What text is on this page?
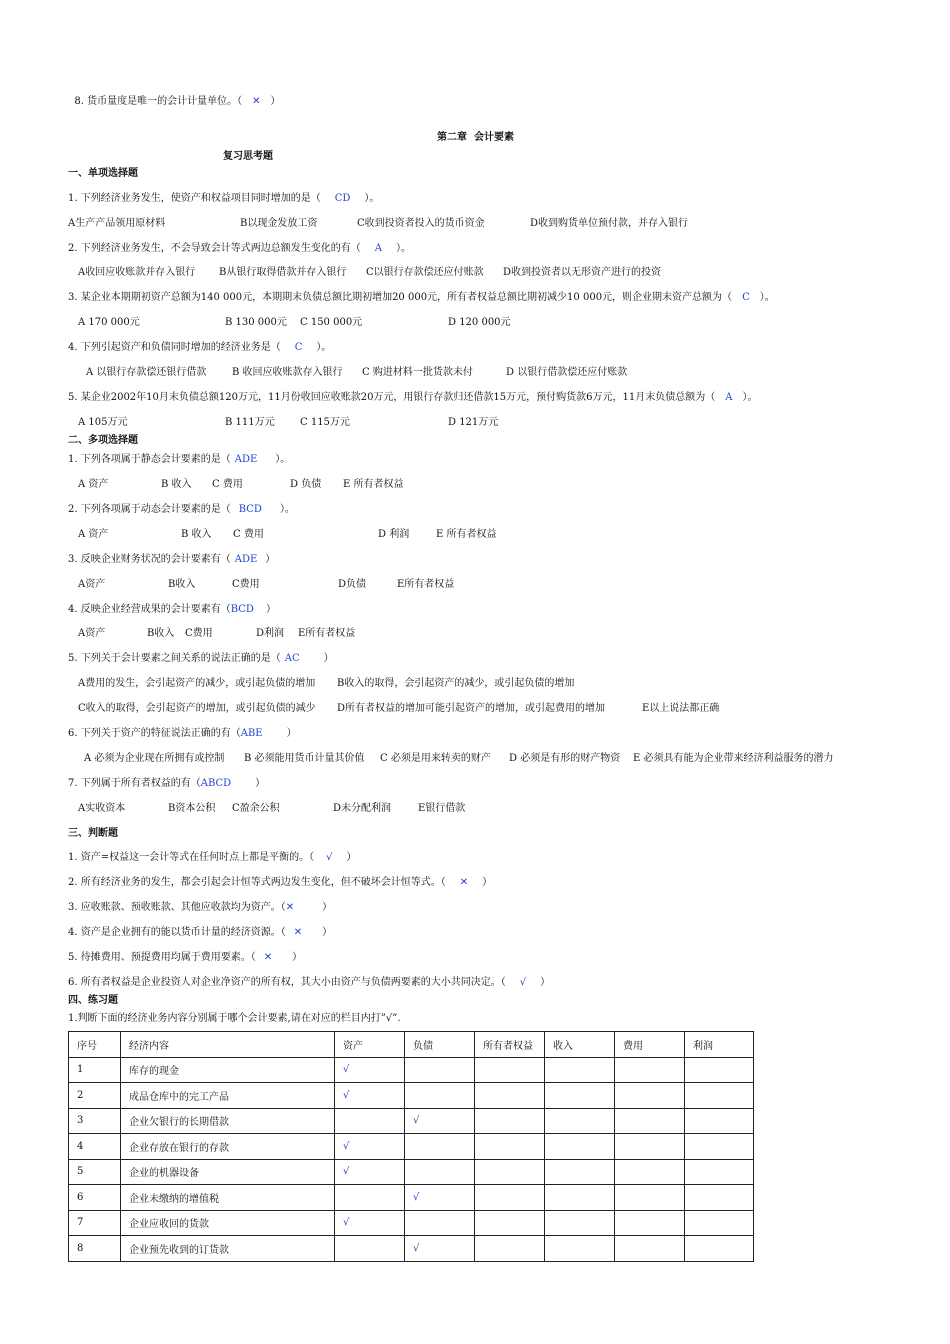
8. 货币量度是唯一的会计计量单位。（ ✕ ）

第二章  会计要素
复习思考题
一、单项选择题
1. 下列经济业务发生，使资产和权益项目同时增加的是（ CD ）。
A生产产品领用原材料	B以现金发放工资	C收到投资者投入的货币资金	D收到购货单位预付款，并存入银行
2. 下列经济业务发生，不会导致会计等式两边总额发生变化的有（ A ）。
A收回应收账款并存入银行 B从银行取得借款并存入银行 C以银行存款偿还应付账款 D收到投资者以无形资产进行的投资
3. 某企业本期期初资产总额为140 000元，本期期末负债总额比期初增加20 000元，所有者权益总额比期初减少10 000元，则企业期末资产总额为（ C ）。
A 170 000元	B 130 000元 C 150 000元	D 120 000元
4. 下列引起资产和负债同时增加的经济业务是（ C ）。
A 以银行存款偿还银行借款	B 收回应收账款存入银行 C 购进材料一批货款未付	D 以银行借款偿还应付账款
5. 某企业2002年10月末负债总额120万元，11月份收回应收账款20万元，用银行存款归还借款15万元，预付购货款6万元，11月末负债总额为（ A ）。
A 105万元	B 111万元	C 115万元	D 121万元
二、多项选择题
1. 下列各项属于静态会计要素的是（ ADE ）。
A 资产	B 收入 C 费用	D 负债 E 所有者权益
2. 下列各项属于动态会计要素的是（ BCD ）。
A 资产	B 收入 C 费用	D 利润	E 所有者权益
3. 反映企业财务状况的会计要素有（ ADE ）
A资产	B收入	C费用	D负债	E所有者权益
4. 反映企业经营成果的会计要素有（BCD ）
A资产	B收入 C费用	D利润 E所有者权益
5. 下列关于会计要素之间关系的说法正确的是（ AC ）
A费用的发生，会引起资产的减少，或引起负债的增加 B收入的取得，会引起资产的减少，或引起负债的增加
C收入的取得，会引起资产的增加，或引起负债的减少 D所有者权益的增加可能引起资产的增加，或引起费用的增加	E以上说法都正确
6. 下列关于资产的特征说法正确的有（ABE ）
A 必须为企业现在所拥有或控制 B 必须能用货币计量其价值 C 必须是用来转卖的财产 D 必须是有形的财产物资 E 必须具有能为企业带来经济利益服务的潜力
7. 下列属于所有者权益的有（ABCD ）
A实收资本	B资本公积 C盈余公积	D未分配利润	E银行借款
三、判断题
1. 资产=权益这一会计等式在任何时点上都是平衡的。（ √ ）
2. 所有经济业务的发生，都会引起会计恒等式两边发生变化，但不破坏会计恒等式。（ ✕ ）
3. 应收账款、预收账款、其他应收款均为资产。（✕	）
4. 资产是企业拥有的能以货币计量的经济资源。（ ✕ ）
5. 待摊费用、预提费用均属于费用要素。（ ✕ ）
6. 所有者权益是企业投资人对企业净资产的所有权，其大小由资产与负债两要素的大小共同决定。（ √ ）
四、练习题
1.判断下面的经济业务内容分别属于哪个会计要素,请在对应的栏目内打”√”.
序号	经济内容	资产	负债	所有者权益	收入	费用	利润
1	库存的现金	√					
2	成品仓库中的完工产品	√					
3	企业欠银行的长期借款		√				
4	企业存放在银行的存款	√					
5	企业的机器设备	√					
6	企业未缴纳的增值税		√				
7	企业应收回的货款	√					
8	企业预先收到的订货款		√				
